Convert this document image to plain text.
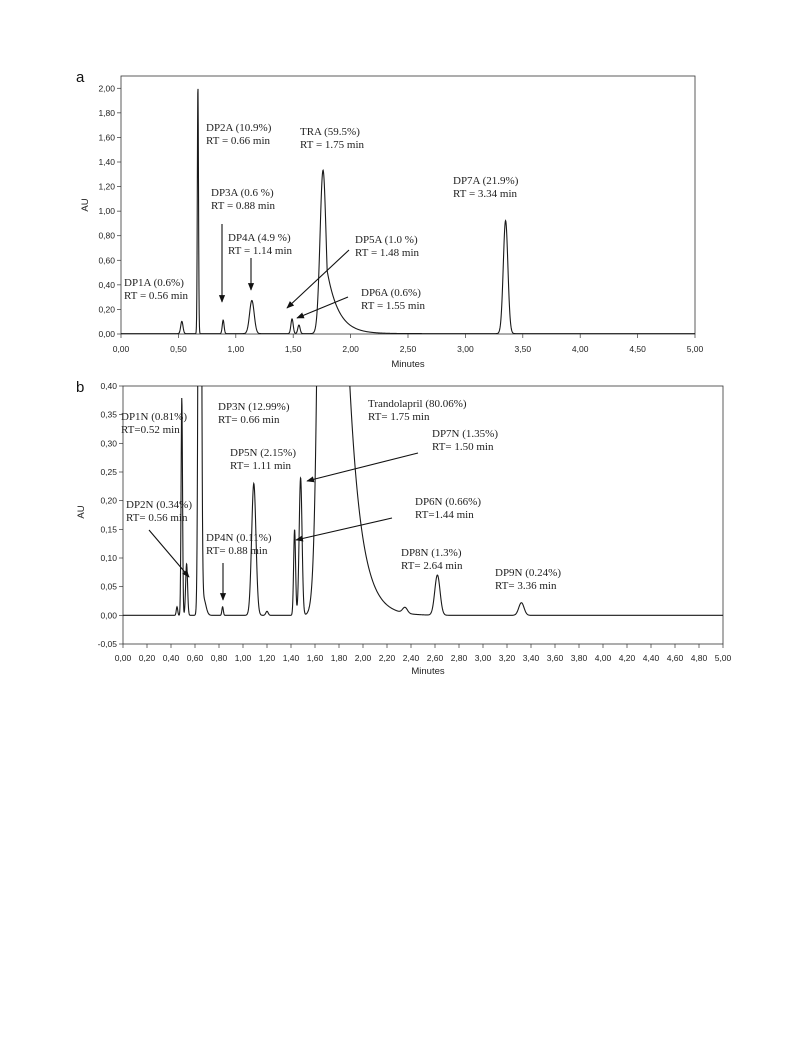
a
0,00
0,20
0,40
0,60
0,80
1,00
1,20
1,40
1,60
1,80
2,00
0,00	0,50	1,00	1,50	2,00	2,50	3,00	3,50	4,00	4,50	5,00
Minutes
AU
DP1A (0.6%) RT = 0.56 min
DP2A (10.9%) RT = 0.66 min
DP3A (0.6 %) RT = 0.88 min
DP4A (4.9 %) RT = 1.14 min
TRA (59.5%) RT = 1.75 min
DP5A (1.0 %) RT = 1.48 min
DP6A (0.6%) RT = 1.55 min
DP7A (21.9%) RT = 3.34 min
b
-0,05
0,00
0,05
0,10
0,15
0,20
0,25
0,30
0,35
0,40
0,00 0,20 0,40 0,60 0,80 1,00 1,20 1,40 1,60 1,80 2,00 2,20 2,40 2,60 2,80 3,00 3,20 3,40 3,60 3,80 4,00 4,20 4,40 4,60 4,80 5,00
Minutes
AU
DP1N (0.81%) RT=0.52 min
DP2N (0.34%) RT= 0.56 min
DP3N (12.99%) RT= 0.66 min
DP4N (0.11%) RT= 0.88 min
DP5N (2.15%) RT= 1.11 min
Trandolapril (80.06%) RT= 1.75 min
DP7N (1.35%) RT= 1.50 min
DP6N (0.66%) RT=1.44 min
DP8N (1.3%) RT= 2.64 min
DP9N (0.24%) RT= 3.36 min
